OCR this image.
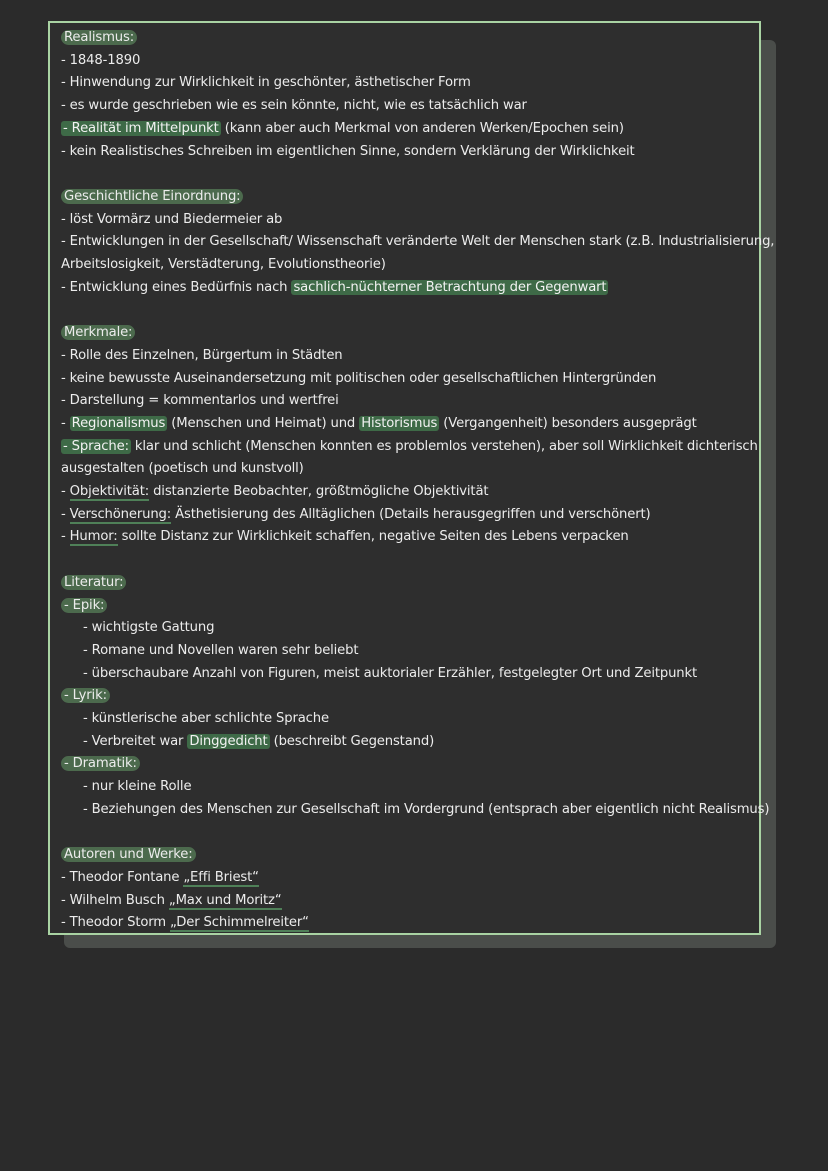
Realismus:
- 1848-1890
- Hinwendung zur Wirklichkeit in geschönter, ästhetischer Form
- es wurde geschrieben wie es sein könnte, nicht, wie es tatsächlich war
- Realität im Mittelpunkt (kann aber auch Merkmal von anderen Werken/Epochen sein)
- kein Realistisches Schreiben im eigentlichen Sinne, sondern Verklärung der Wirklichkeit
Geschichtliche Einordnung:
- löst Vormärz und Biedermeier ab
- Entwicklungen in der Gesellschaft/ Wissenschaft veränderte Welt der Menschen stark (z.B. Industrialisierung,
Arbeitslosigkeit, Verstädterung, Evolutionstheorie)
- Entwicklung eines Bedürfnis nach sachlich-nüchterner Betrachtung der Gegenwart
Merkmale:
- Rolle des Einzelnen, Bürgertum in Städten
- keine bewusste Auseinandersetzung mit politischen oder gesellschaftlichen Hintergründen
- Darstellung = kommentarlos und wertfrei
- Regionalismus (Menschen und Heimat) und Historismus (Vergangenheit) besonders ausgeprägt
- Sprache: klar und schlicht (Menschen konnten es problemlos verstehen), aber soll Wirklichkeit dichterisch
ausgestalten (poetisch und kunstvoll)
- Objektivität: distanzierte Beobachter, größtmögliche Objektivität
- Verschönerung: Ästhetisierung des Alltäglichen (Details herausgegriffen und verschönert)
- Humor: sollte Distanz zur Wirklichkeit schaffen, negative Seiten des Lebens verpacken
Literatur:
- Epik:
- wichtigste Gattung
- Romane und Novellen waren sehr beliebt
- überschaubare Anzahl von Figuren, meist auktorialer Erzähler, festgelegter Ort und Zeitpunkt
- Lyrik:
- künstlerische aber schlichte Sprache
- Verbreitet war Dinggedicht (beschreibt Gegenstand)
- Dramatik:
- nur kleine Rolle
- Beziehungen des Menschen zur Gesellschaft im Vordergrund (entsprach aber eigentlich nicht Realismus)
Autoren und Werke:
- Theodor Fontane „Effi Briest“
- Wilhelm Busch „Max und Moritz“
- Theodor Storm „Der Schimmelreiter“
